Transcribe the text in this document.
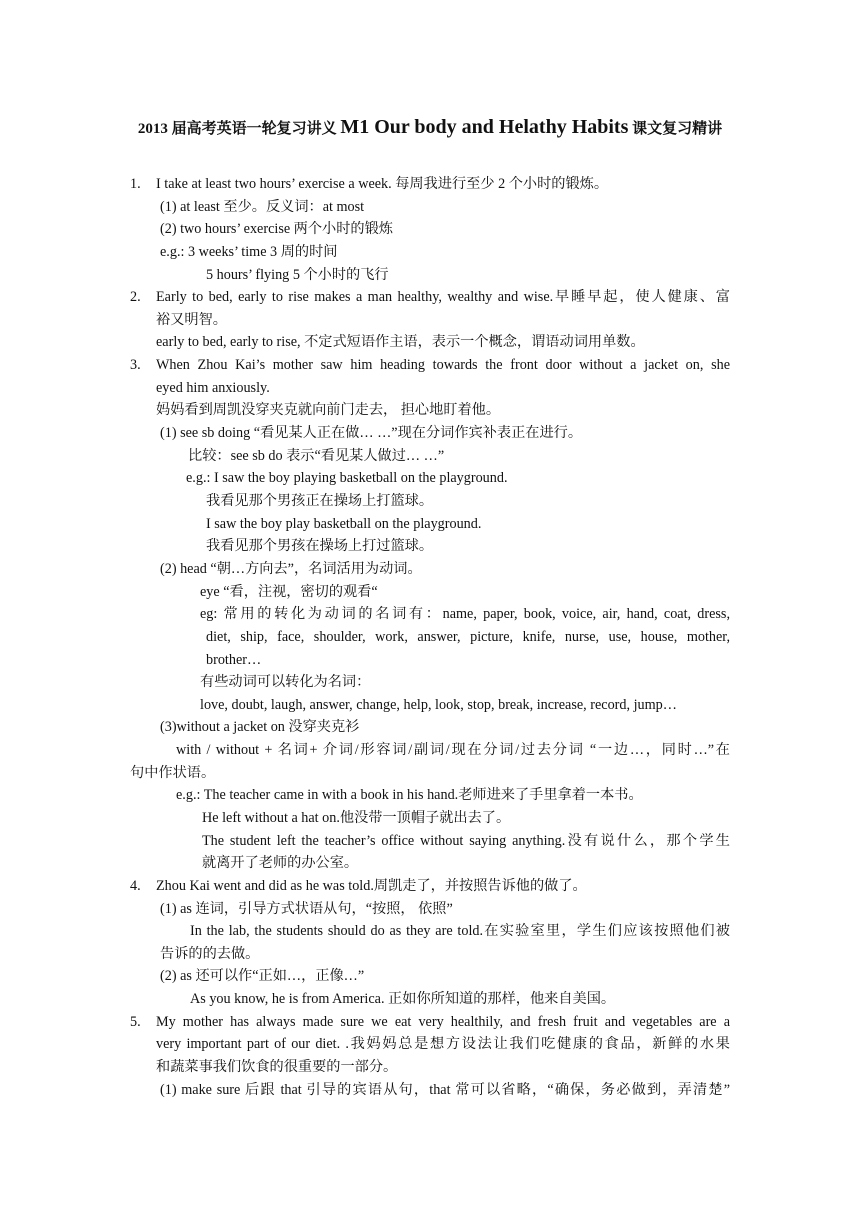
2013 届高考英语一轮复习讲义 M1 Our body and Helathy Habits 课文复习精讲
1. I take at least two hours’ exercise a week. 每周我进行至少 2 个小时的锻炼。
(1) at least 至少。反义词：at most
(2) two hours’ exercise 两个小时的锻炼
e.g.: 3 weeks’ time 3 周的时间
5 hours’ flying 5 个小时的飞行
2. Early to bed, early to rise makes a man healthy, wealthy and wise.早睡早起，使人健康、富
裕又明智。
early to bed, early to rise, 不定式短语作主语，表示一个概念，谓语动词用单数。
3. When Zhou Kai’s mother saw him heading towards the front door without a jacket on, she
eyed him anxiously.
妈妈看到周凯没穿夹克就向前门走去， 担心地盯着他。
(1) see sb doing “看见某人正在做… …”现在分词作宾补表正在进行。
比较：see sb do 表示“看见某人做过… …”
e.g.: I saw the boy playing basketball on the playground.
我看见那个男孩正在操场上打篮球。
I saw the boy play basketball on the playground.
我看见那个男孩在操场上打过篮球。
(2) head “朝…方向去”，名词活用为动词。
eye “看，注视，密切的观看“
eg: 常用的转化为动词的名词有：name, paper, book, voice, air, hand, coat, dress,
diet, ship, face, shoulder, work, answer, picture, knife, nurse, use, house, mother,
brother…
有些动词可以转化为名词：
love, doubt, laugh, answer, change, help, look, stop, break, increase, record, jump…
(3)without a jacket on 没穿夹克衫
with / without + 名词+ 介词/形容词/副词/现在分词/过去分词 “一边…，同时…”在
句中作状语。
e.g.: The teacher came in with a book in his hand.老师进来了手里拿着一本书。
He left without a hat on.他没带一顶帽子就出去了。
The student left the teacher’s office without saying anything.没有说什么，那个学生
就离开了老师的办公室。
4. Zhou Kai went and did as he was told.周凯走了，并按照告诉他的做了。
(1) as 连词，引导方式状语从句，“按照， 依照”
In the lab, the students should do as they are told.在实验室里，学生们应该按照他们被
告诉的的去做。
(2) as 还可以作“正如…，正像…”
As you know, he is from America. 正如你所知道的那样，他来自美国。
5. My mother has always made sure we eat very healthily, and fresh fruit and vegetables are a
very important part of our diet. .我妈妈总是想方设法让我们吃健康的食品，新鲜的水果
和蔬菜事我们饮食的很重要的一部分。
(1) make sure 后跟 that 引导的宾语从句，that 常可以省略，“确保，务必做到，弄清楚”
